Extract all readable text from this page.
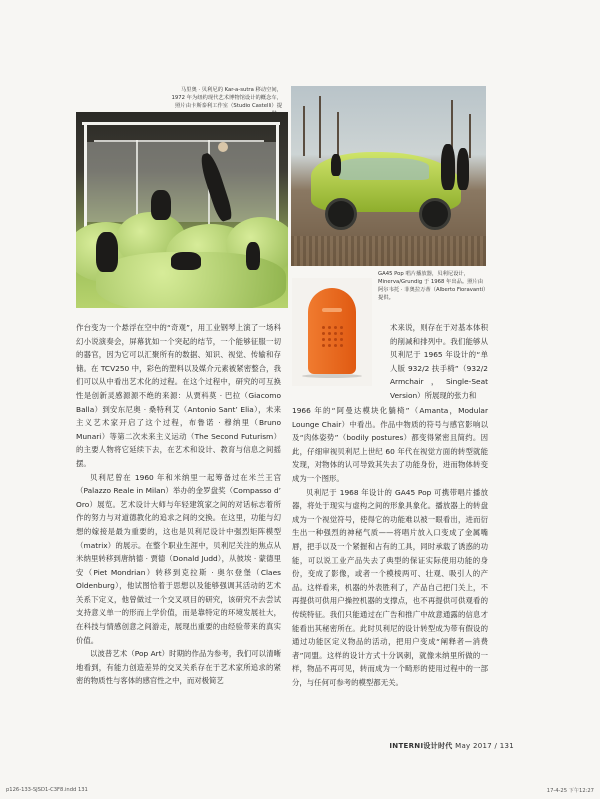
马里奥 · 贝利尼的 Kar-a-sutra 移动空间，1972 年为纽约现代艺术博物馆设计的概念车，照片由卡斯泰利工作室（Studio Castelli）提
GA45 Pop 唱片播放器，贝利尼设计，Minerva/Grundig 于 1968 年出品。照片由阿尔韦托 · 菲奥拉万蒂（Alberto Fioravanti）提供。

作台变为一个悬浮在空中的“奇观”，用工业钢琴上演了一场科幻小说演奏会，屏幕犹如一个突起的结节，一个能够征服一切的器官，因为它可以汇聚所有的数据、知识、视觉、传输和存储。在 TCV250 中，彩色的塑料以及媒介元素被紧密整合，我们可以从中看出艺术化的过程。在这个过程中，研究的可互换性是创新灵感源源不绝的来源：从贾科莫 · 巴拉（Giacomo Balla）到安东尼奥 · 桑特利艾（Antonio Sant’ Elia），未来主义艺术家开启了这个过程，布鲁诺 · 穆纳里（Bruno Munari）等第二次未来主义运动（The Second Futurism）的主要人物将它延续下去，在艺术和设计、教育与信息之间摇摆。

贝利尼曾在 1960 年和米纳里一起筹备过在米兰王宫（Palazzo Reale in Milan）举办的金罗盘奖（Compasso d’ Oro）展览。艺术设计大师与年轻建筑家之间的对话标志着所作的努力与对道德教化的追求之间的交换。在这里，功能与幻想的嫁接是最为重要的，这也是贝利尼设计中强烈矩阵模型（matrix）的展示。在整个职业生涯中，贝利尼关注的焦点从米纳里转移到唐纳德 · 贾德（Donald Judd），从彼埃 · 蒙德里安（Piet Mondrian）转移到克拉斯 · 奥尔登堡（Claes Oldenburg），他试图恰着于思想以及能够强调其活动的艺术关系下定义，他曾做过一个交叉项目的研究，该研究不去尝试支持意义单一的形而上学价值，而是靠特定的环境发展社大，在科技与情感创意之间游走，展现出重要的由经验带来的真实价值。

以波普艺术（Pop Art）时期的作品为参考，我们可以清晰地看到，有能力创造差异的交叉关系存在于艺术家所追求的紧密的物质性与客体的感官性之中，而对极简艺

术来说，则存在于对基本体积的削减和排列中。我们能够从贝利尼于 1965 年设计的“单人版 932/2 扶手椅”（932/2 Armchair，Single-Seat Version）所展现的张力和

1966 年的“阿曼达模块化躺椅”（Amanta，Modular Lounge Chair）中看出。作品中物质的符号与感官影响以及“肉体姿势”（bodily postures）都变得紧密且简约。因此，仔细审视贝利尼上世纪 60 年代在视觉方面的转型就能发现，对物体的认可导致其失去了功能身份，进而物体转变成为一个图形。

贝利尼于 1968 年设计的 GA45 Pop 可携带唱片播放器，将处于现实与虚构之间的形象具象化。播放器上的转盘成为一个视觉符号，使得它的功能难以被一眼看出，进而衍生出一种强烈的神秘气质——将唱片放入口变成了金属嘴唇，把手以及一个紧握和占有的工具，同时承载了诱惑的功能，可以说工业产品失去了典型的保证实际使用功能的身份，变成了影像，或者一个模棱两可、壮观、吸引人的产品。这样看来，机器的外表胜利了，产品自己把门关上，不再提供可供用户操控机器的支撑点，也不再提供可供观看的传统特征。我们只能通过在广告和推广中故意通露的信息才能看出其秘密所在。此时贝利尼的设计转型成为带有假设的通过功能区定义物品的活动，把用户变成“阐释者—消费者”同盟。这样的设计方式十分讽刺，就像未纳里所做的一样，物品不再可见，转而成为一个畸形的使用过程中的一部分，与任何可参考的模型都无关。

INTERNI设计时代 May 2017 / 131
p126-133-SJSD1-C3F8.indd 131	17-4-25 下午12:27
